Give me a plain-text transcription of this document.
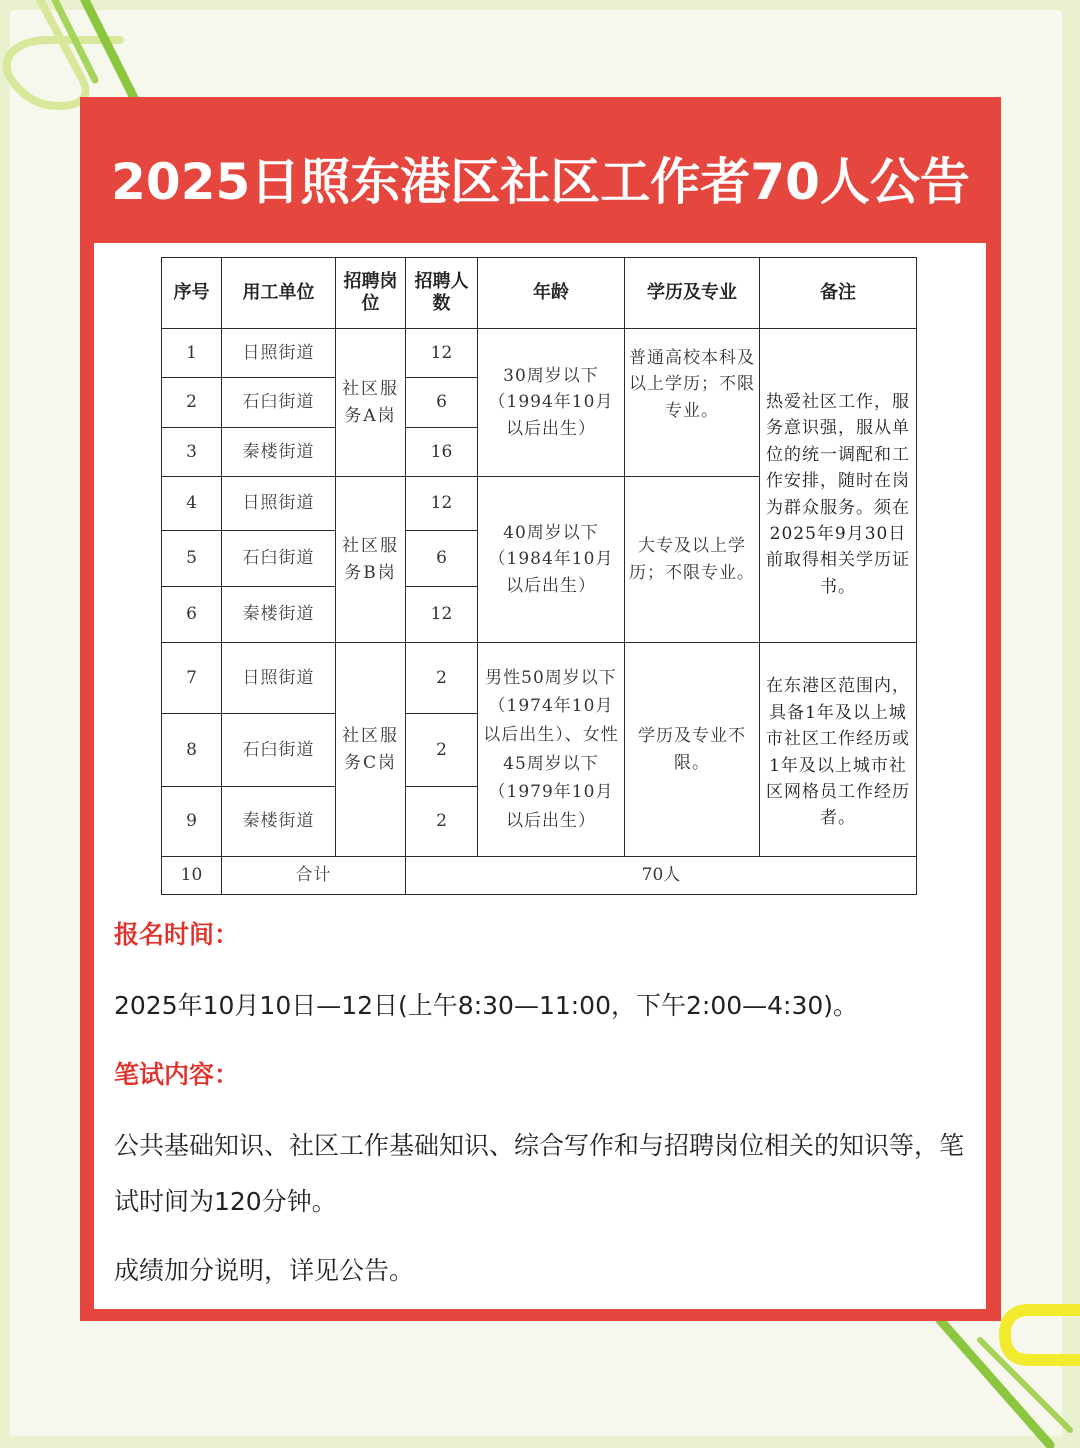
2025日照东港区社区工作者70人公告
序号	用工单位	招聘岗位	招聘人数	年龄	学历及专业	备注
1	日照街道	社区服务A岗	12	30周岁以下（1994年10月以后出生）	普通高校本科及以上学历；不限专业。	热爱社区工作，服务意识强，服从单位的统一调配和工作安排，随时在岗为群众服务。须在2025年9月30日前取得相关学历证书。
2	石臼街道		6			
3	秦楼街道		16			
4	日照街道	社区服务B岗	12	40周岁以下（1984年10月以后出生）	大专及以上学历；不限专业。	
5	石臼街道		6			
6	秦楼街道		12			
7	日照街道	社区服务C岗	2	男性50周岁以下（1974年10月以后出生）、女性45周岁以下（1979年10月以后出生）	学历及专业不限。	在东港区范围内，具备1年及以上城市社区工作经历或1年及以上城市社区网格员工作经历者。
8	石臼街道		2			
9	秦楼街道		2			
10	合计		70人			
报名时间：
2025年10月10日—12日(上午8:30—11:00，下午2:00—4:30)。
笔试内容：
公共基础知识、社区工作基础知识、综合写作和与招聘岗位相关的知识等，笔试时间为120分钟。
成绩加分说明，详见公告。
